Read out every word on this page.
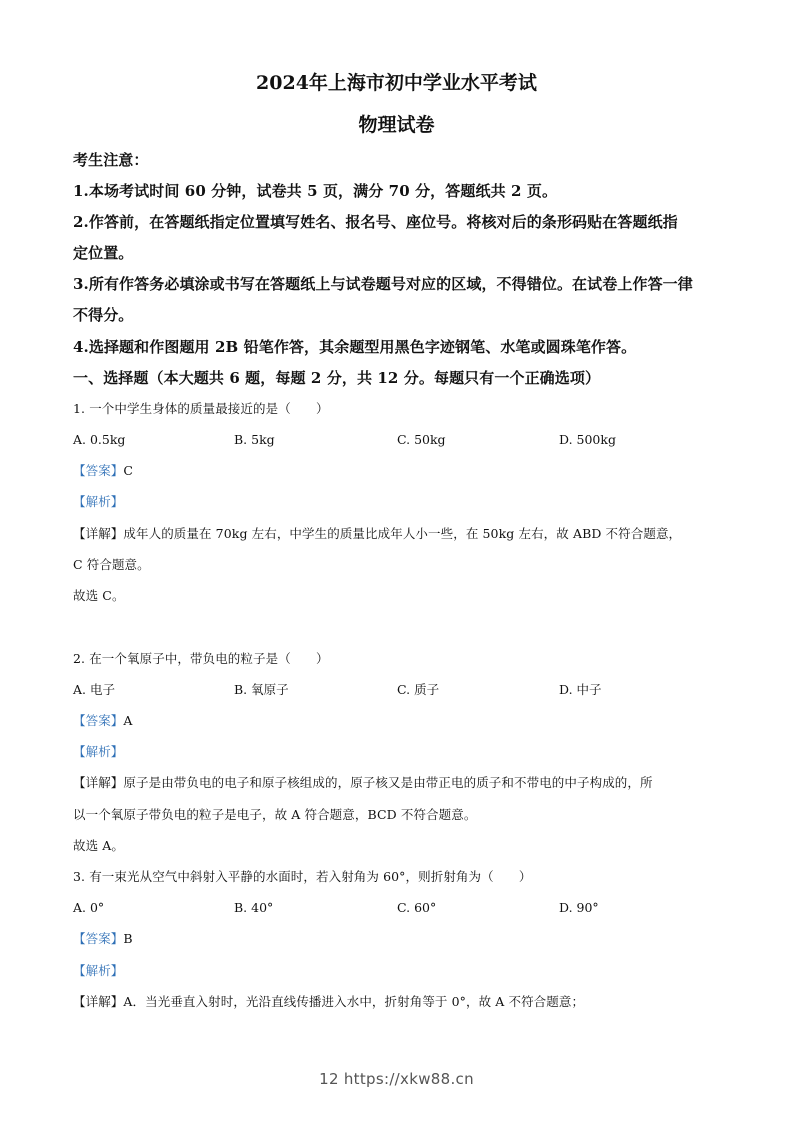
2024年上海市初中学业水平考试
物理试卷
考生注意：
1.本场考试时间 60 分钟，试卷共 5 页，满分 70 分，答题纸共 2 页。
2.作答前，在答题纸指定位置填写姓名、报名号、座位号。将核对后的条形码贴在答题纸指
定位置。
3.所有作答务必填涂或书写在答题纸上与试卷题号对应的区域，不得错位。在试卷上作答一律
不得分。
4.选择题和作图题用 2B 铅笔作答，其余题型用黑色字迹钢笔、水笔或圆珠笔作答。
一、选择题（本大题共 6 题，每题 2 分，共 12 分。每题只有一个正确选项）
1. 一个中学生身体的质量最接近的是（　　）
A. 0.5kg	B. 5kg	C. 50kg	D. 500kg
【答案】C
【解析】
【详解】成年人的质量在 70kg 左右，中学生的质量比成年人小一些，在 50kg 左右，故 ABD 不符合题意，
C 符合题意。
故选 C。
2. 在一个氧原子中，带负电的粒子是（　　）
A. 电子	B. 氧原子	C. 质子	D. 中子
【答案】A
【解析】
【详解】原子是由带负电的电子和原子核组成的，原子核又是由带正电的质子和不带电的中子构成的，所
以一个氧原子带负电的粒子是电子，故 A 符合题意，BCD 不符合题意。
故选 A。
3. 有一束光从空气中斜射入平静的水面时，若入射角为 60°，则折射角为（　　）
A. 0°	B. 40°	C. 60°	D. 90°
【答案】B
【解析】
【详解】A．当光垂直入射时，光沿直线传播进入水中，折射角等于 0°，故 A 不符合题意；
12 https://xkw88.cn
